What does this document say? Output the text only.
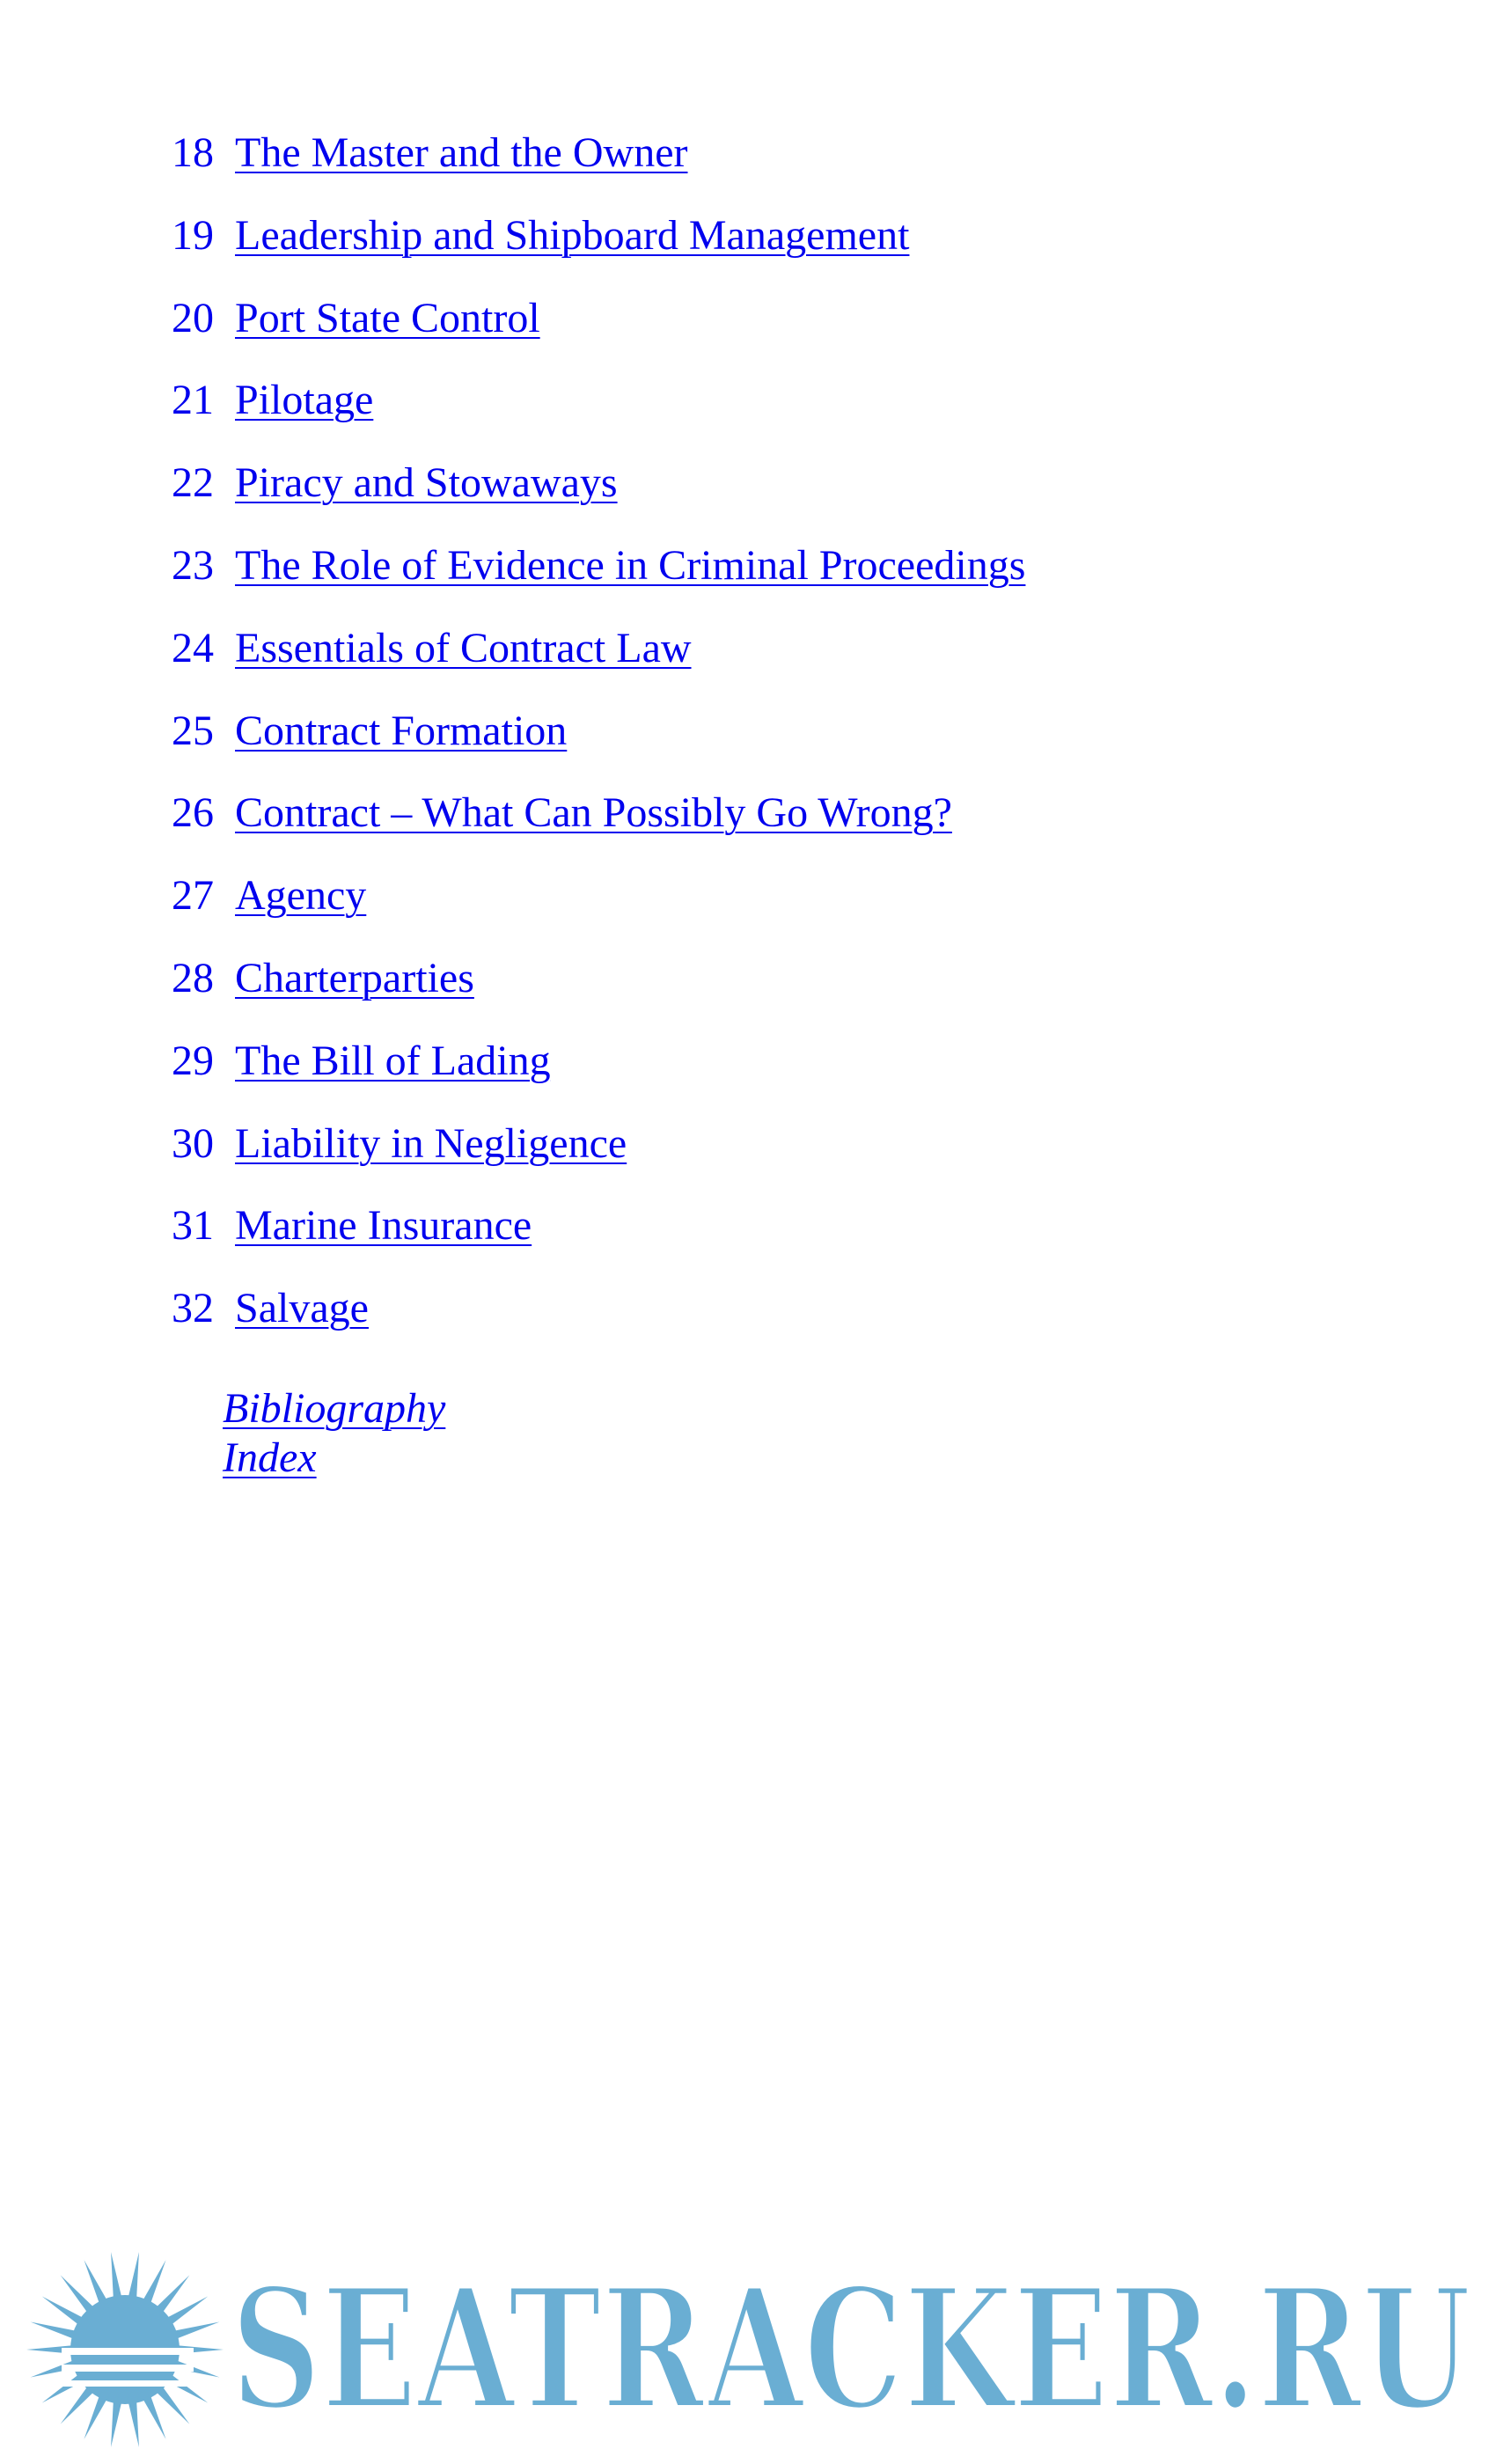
18 The Master and the Owner
19 Leadership and Shipboard Management
20 Port State Control
21 Pilotage
22 Piracy and Stowaways
23 The Role of Evidence in Criminal Proceedings
24 Essentials of Contract Law
25 Contract Formation
26 Contract – What Can Possibly Go Wrong?
27 Agency
28 Charterparties
29 The Bill of Lading
30 Liability in Negligence
31 Marine Insurance
32 Salvage
Bibliography
Index
SEATRACKER.RU
